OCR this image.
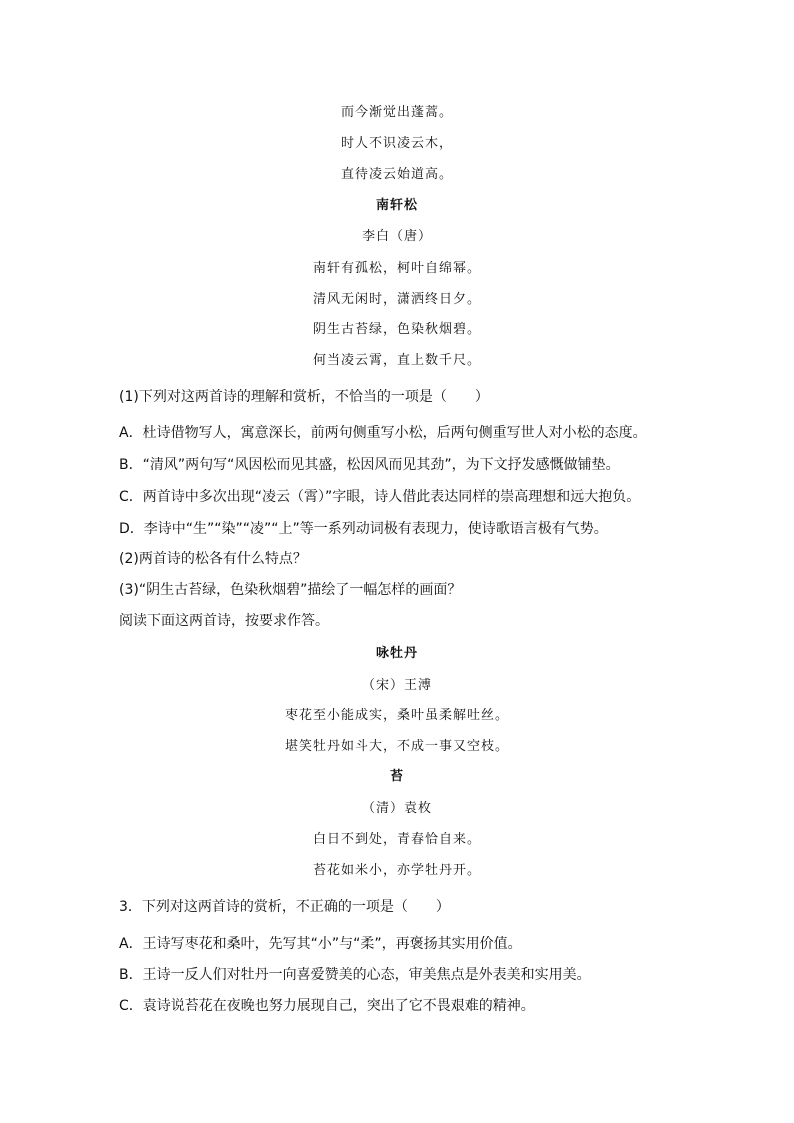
而今渐觉出蓬蒿。
时人不识凌云木，
直待凌云始道高。
南轩松
李白（唐）
南轩有孤松，柯叶自绵幂。
清风无闲时，潇洒终日夕。
阴生古苔绿，色染秋烟碧。
何当凌云霄，直上数千尺。
(1)下列对这两首诗的理解和赏析，不恰当的一项是（　　）
A．杜诗借物写人，寓意深长，前两句侧重写小松，后两句侧重写世人对小松的态度。
B．“清风”两句写“风因松而见其盛，松因风而见其劲”，为下文抒发感慨做铺垫。
C．两首诗中多次出现“凌云（霄）”字眼，诗人借此表达同样的崇高理想和远大抱负。
D．李诗中“生”“染”“凌”“上”等一系列动词极有表现力，使诗歌语言极有气势。
(2)两首诗的松各有什么特点？
(3)“阴生古苔绿，色染秋烟碧”描绘了一幅怎样的画面？
阅读下面这两首诗，按要求作答。
咏牡丹
（宋）王溥
枣花至小能成实，桑叶虽柔解吐丝。
堪笑牡丹如斗大，不成一事又空枝。
苔
（清）袁枚
白日不到处，青春恰自来。
苔花如米小，亦学牡丹开。
3．下列对这两首诗的赏析，不正确的一项是（　　）
A．王诗写枣花和桑叶，先写其“小”与“柔”，再褒扬其实用价值。
B．王诗一反人们对牡丹一向喜爱赞美的心态，审美焦点是外表美和实用美。
C．袁诗说苔花在夜晚也努力展现自己，突出了它不畏艰难的精神。
